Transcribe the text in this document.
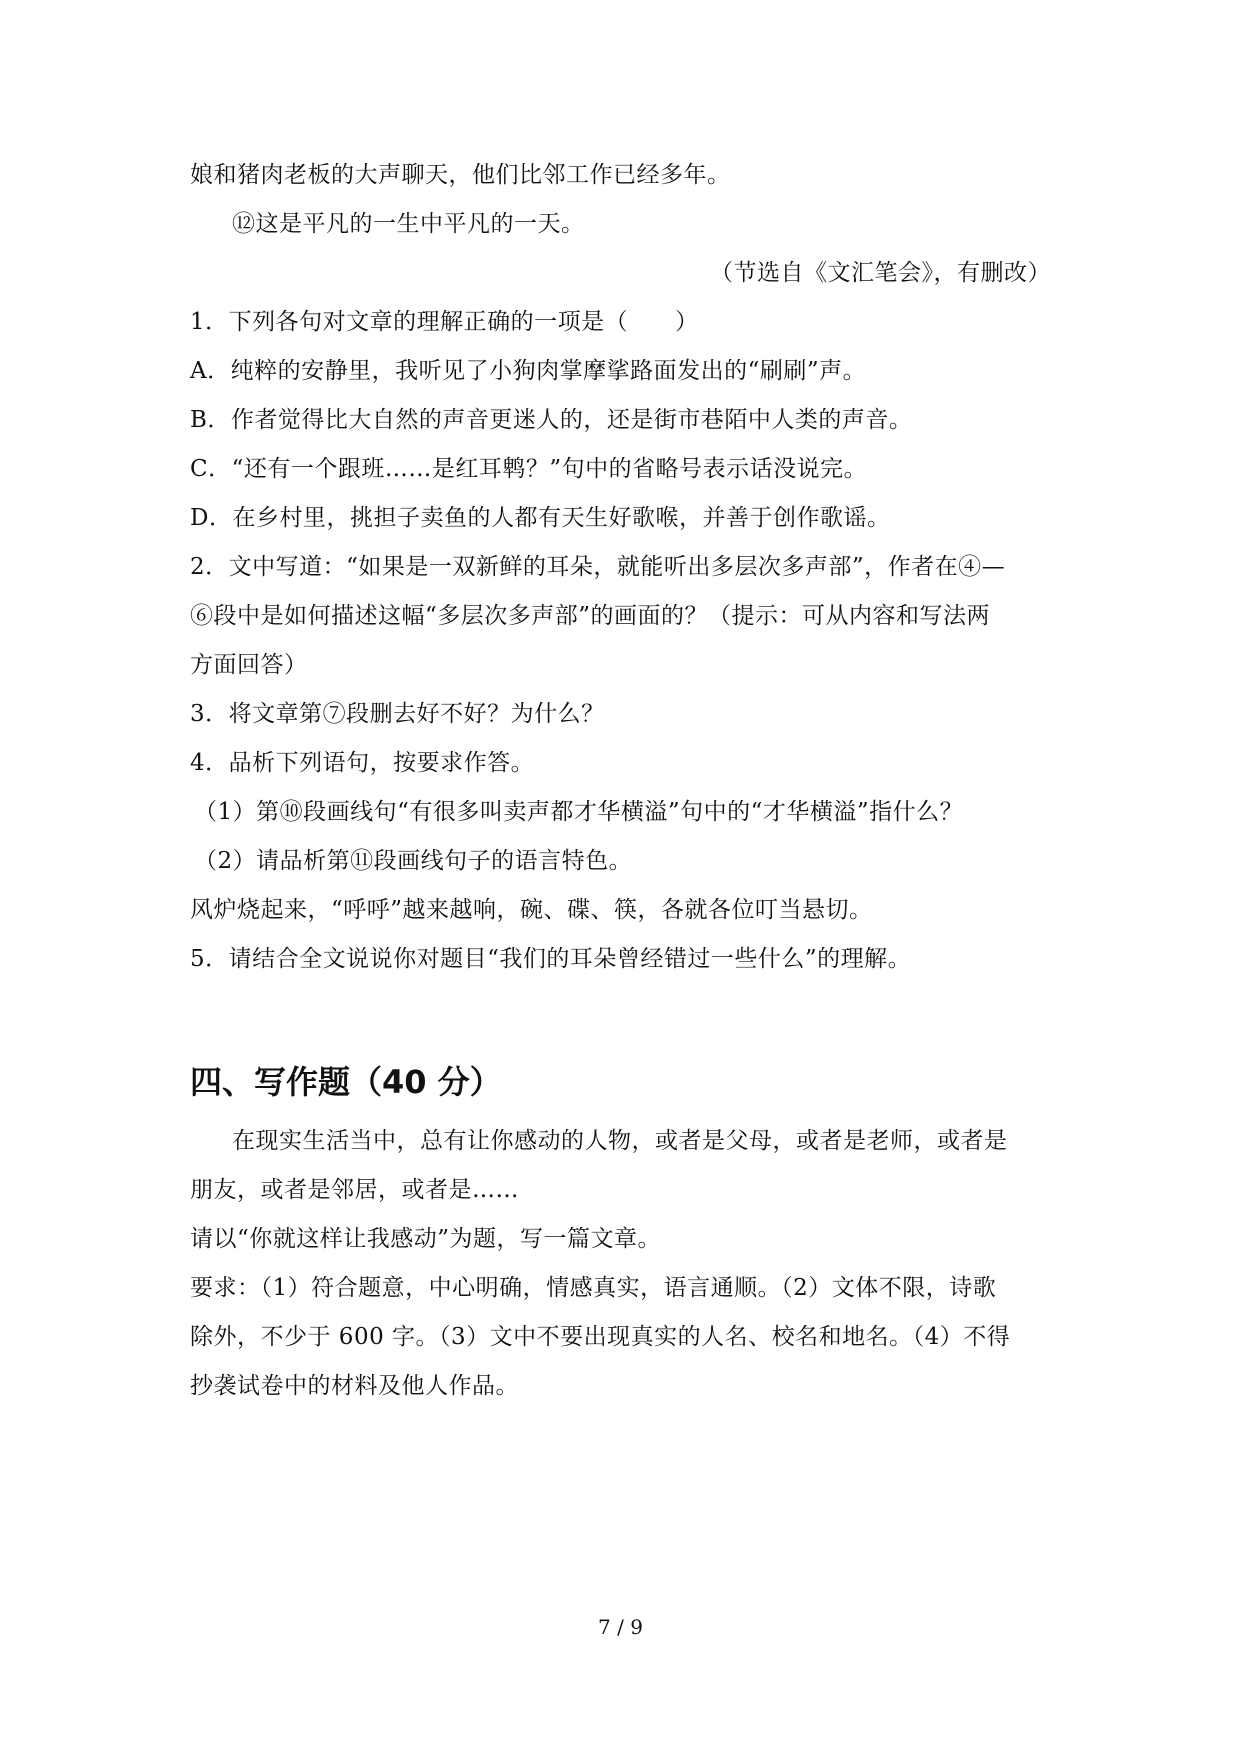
娘和猪肉老板的大声聊天，他们比邻工作已经多年。
⑫这是平凡的一生中平凡的一天。
（节选自《文汇笔会》，有删改）
1．下列各句对文章的理解正确的一项是（　　）
A．纯粹的安静里，我听见了小狗肉掌摩挲路面发出的“刷刷”声。
B．作者觉得比大自然的声音更迷人的，还是街市巷陌中人类的声音。
C．“还有一个跟班……是红耳鹎？”句中的省略号表示话没说完。
D．在乡村里，挑担子卖鱼的人都有天生好歌喉，并善于创作歌谣。
2．文中写道：“如果是一双新鲜的耳朵，就能听出多层次多声部”，作者在④—
⑥段中是如何描述这幅“多层次多声部”的画面的？（提示：可从内容和写法两
方面回答）
3．将文章第⑦段删去好不好？为什么？
4．品析下列语句，按要求作答。
（1）第⑩段画线句“有很多叫卖声都才华横溢”句中的“才华横溢”指什么？
（2）请品析第⑪段画线句子的语言特色。
风炉烧起来，“呼呼”越来越响，碗、碟、筷，各就各位叮当悬切。
5．请结合全文说说你对题目“我们的耳朵曾经错过一些什么”的理解。
四、写作题（40 分）
在现实生活当中，总有让你感动的人物，或者是父母，或者是老师，或者是
朋友，或者是邻居，或者是……
请以“你就这样让我感动”为题，写一篇文章。
要求：（1）符合题意，中心明确，情感真实，语言通顺。（2）文体不限，诗歌
除外，不少于 600 字。（3）文中不要出现真实的人名、校名和地名。（4）不得
抄袭试卷中的材料及他人作品。
7 / 9
